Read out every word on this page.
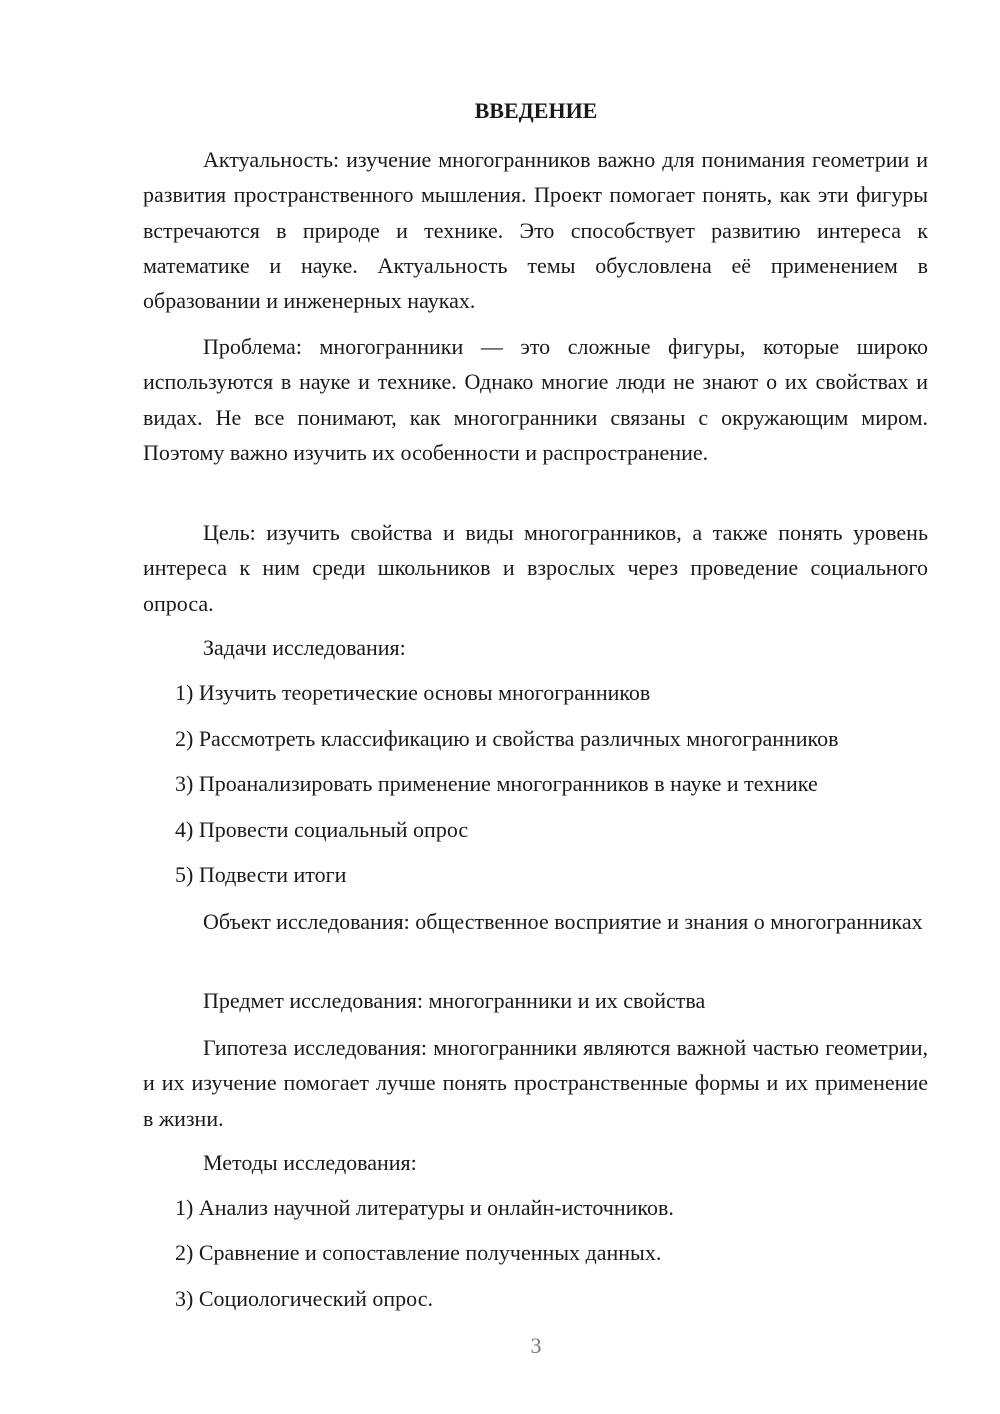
ВВЕДЕНИЕ

Актуальность: изучение многогранников важно для понимания геометрии и развития пространственного мышления. Проект помогает понять, как эти фигуры встречаются в природе и технике. Это способствует развитию интереса к математике и науке. Актуальность темы обусловлена её применением в образовании и инженерных науках.

Проблема: многогранники — это сложные фигуры, которые широко используются в науке и технике. Однако многие люди не знают о их свойствах и видах. Не все понимают, как многогранники связаны с окружающим миром. Поэтому важно изучить их особенности и распространение.

Цель: изучить свойства и виды многогранников, а также понять уровень интереса к ним среди школьников и взрослых через проведение социального опроса.

Задачи исследования:

1) Изучить теоретические основы многогранников

2) Рассмотреть классификацию и свойства различных многогранников

3) Проанализировать применение многогранников в науке и технике

4) Провести социальный опрос

5) Подвести итоги

Объект исследования: общественное восприятие и знания о многогранниках

Предмет исследования: многогранники и их свойства

Гипотеза исследования: многогранники являются важной частью геометрии, и их изучение помогает лучше понять пространственные формы и их применение в жизни.

Методы исследования:

1) Анализ научной литературы и онлайн-источников.

2) Сравнение и сопоставление полученных данных.

3) Социологический опрос.

3
